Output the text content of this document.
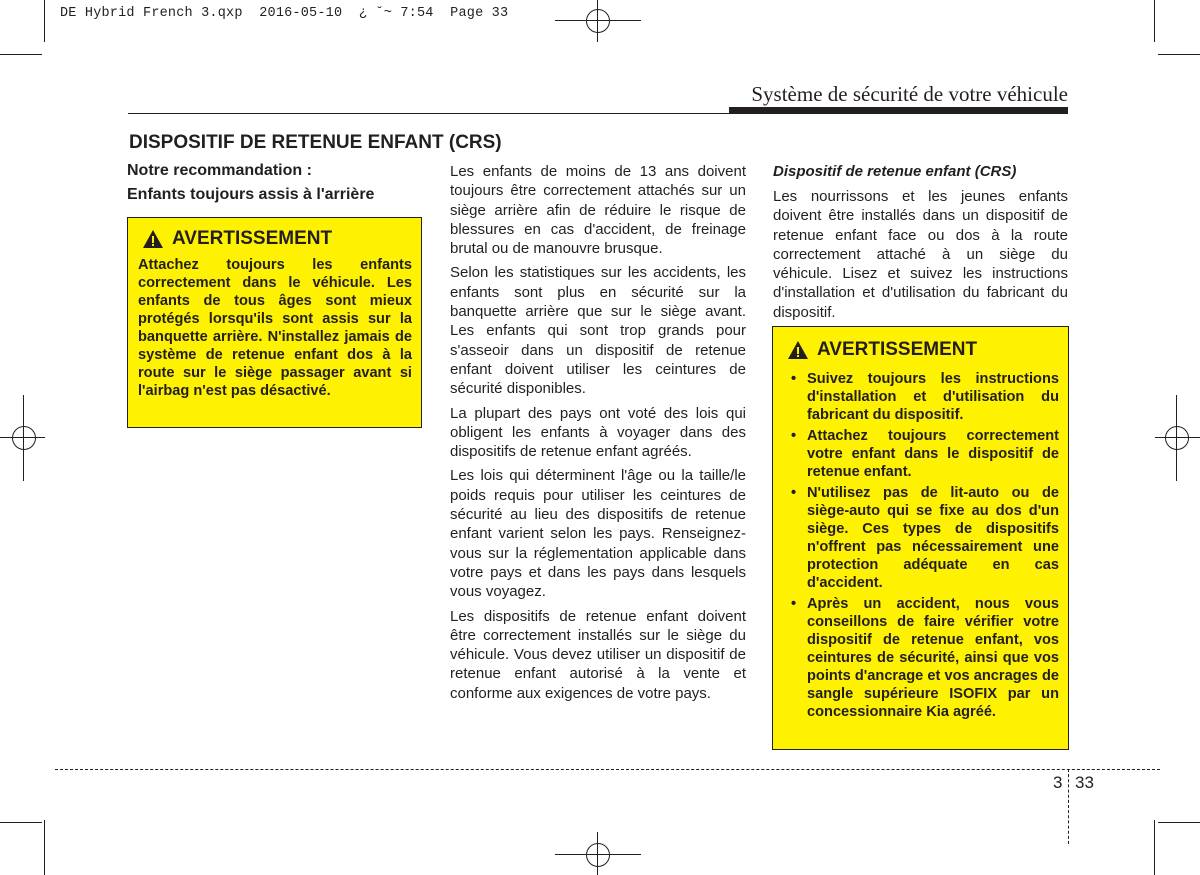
DE Hybrid French 3.qxp  2016-05-10  ¿ ˘~ 7:54  Page 33
Système de sécurité de votre véhicule
DISPOSITIF DE RETENUE ENFANT (CRS)
Notre recommandation :
Enfants toujours assis à l'arrière
AVERTISSEMENT
Attachez toujours les enfants correctement dans le véhicule. Les enfants de tous âges sont mieux protégés lorsqu'ils sont assis sur la banquette arrière. N'installez jamais de système de retenue enfant dos à la route sur le siège passager avant si l'airbag n'est pas désactivé.

Les enfants de moins de 13 ans doivent toujours être correctement attachés sur un siège arrière afin de réduire le risque de blessures en cas d'accident, de freinage brutal ou de manouvre brusque.

Selon les statistiques sur les accidents, les enfants sont plus en sécurité sur la banquette arrière que sur le siège avant. Les enfants qui sont trop grands pour s'asseoir dans un dispositif de retenue enfant doivent utiliser les ceintures de sécurité disponibles.

La plupart des pays ont voté des lois qui obligent les enfants à voyager dans des dispositifs de retenue enfant agréés.

Les lois qui déterminent l'âge ou la taille/le poids requis pour utiliser les ceintures de sécurité au lieu des dispositifs de retenue enfant varient selon les pays. Renseignez-vous sur la réglementation applicable dans votre pays et dans les pays dans lesquels vous voyagez.

Les dispositifs de retenue enfant doivent être correctement installés sur le siège du véhicule. Vous devez utiliser un dispositif de retenue enfant autorisé à la vente et conforme aux exigences de votre pays.

Dispositif de retenue enfant (CRS)

Les nourrissons et les jeunes enfants doivent être installés dans un dispositif de retenue enfant face ou dos à la route correctement attaché à un siège du véhicule. Lisez et suivez les instructions d'installation et d'utilisation du fabricant du dispositif.

AVERTISSEMENT
• Suivez toujours les instructions d'installation et d'utilisation du fabricant du dispositif.
• Attachez toujours correctement votre enfant dans le dispositif de retenue enfant.
• N'utilisez pas de lit-auto ou de siège-auto qui se fixe au dos d'un siège. Ces types de dispositifs n'offrent pas nécessairement une protection adéquate en cas d'accident.
• Après un accident, nous vous conseillons de faire vérifier votre dispositif de retenue enfant, vos ceintures de sécurité, ainsi que vos points d'ancrage et vos ancrages de sangle supérieure ISOFIX par un concessionnaire Kia agréé.
3 33
